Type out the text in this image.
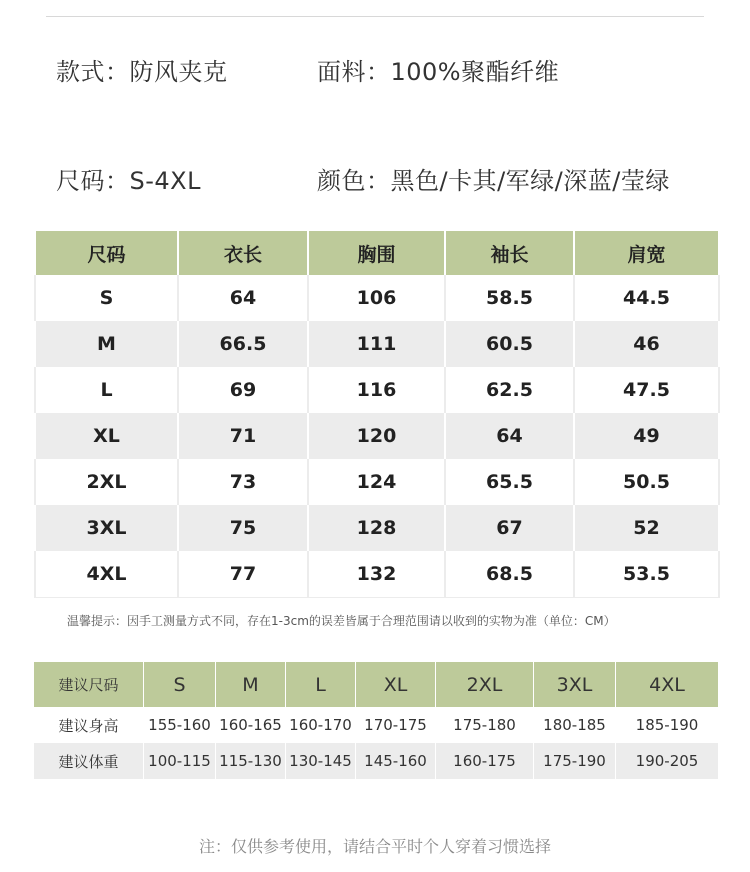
款式：防风夹克	面料：100%聚酯纤维
尺码：S-4XL	颜色：黑色/卡其/军绿/深蓝/莹绿
尺码	衣长	胸围	袖长	肩宽
S	64	106	58.5	44.5
M	66.5	111	60.5	46
L	69	116	62.5	47.5
XL	71	120	64	49
2XL	73	124	65.5	50.5
3XL	75	128	67	52
4XL	77	132	68.5	53.5
温馨提示：因手工测量方式不同，存在1-3cm的误差皆属于合理范围请以收到的实物为准（单位：CM）
建议尺码	S	M	L	XL	2XL	3XL	4XL
建议身高	155-160	160-165	160-170	170-175	175-180	180-185	185-190
建议体重	100-115	115-130	130-145	145-160	160-175	175-190	190-205
注：仅供参考使用，请结合平时个人穿着习惯选择
